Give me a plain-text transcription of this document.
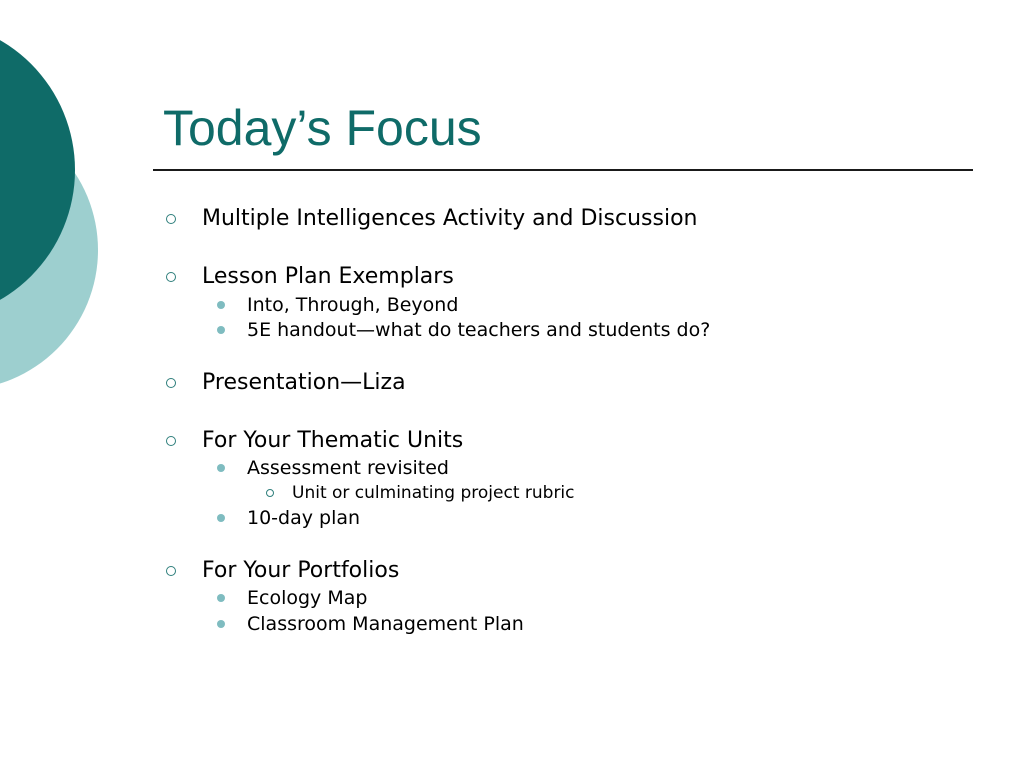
Today’s Focus
Multiple Intelligences Activity and Discussion
Lesson Plan Exemplars
Into, Through, Beyond
5E handout—what do teachers and students do?
Presentation—Liza
For Your Thematic Units
Assessment revisited
Unit or culminating project rubric
10-day plan
For Your Portfolios
Ecology Map
Classroom Management Plan
